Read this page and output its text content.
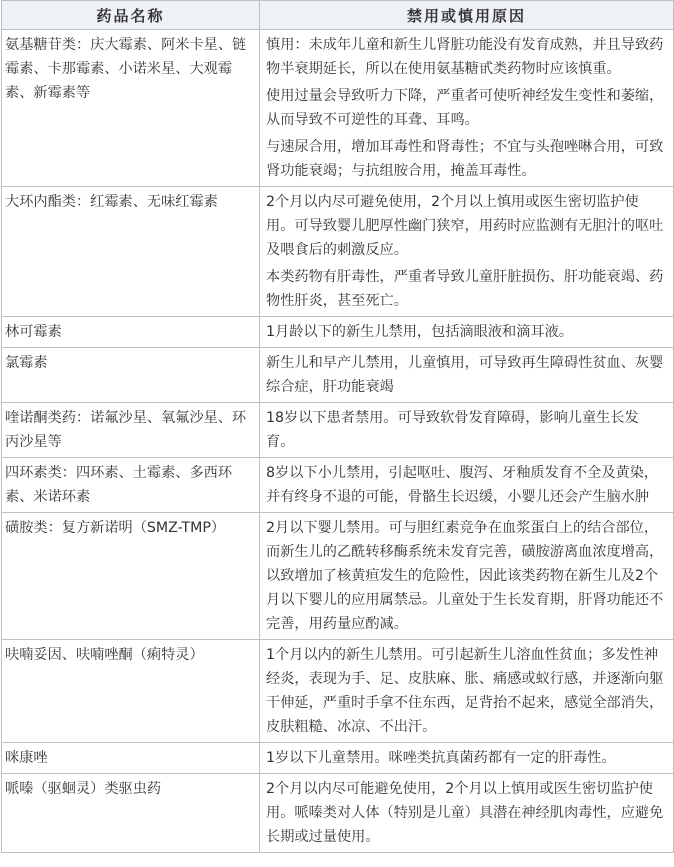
药品名称	禁用或慎用原因
氨基糖苷类：庆大霉素、阿米卡星、链霉素、卡那霉素、小诺米星、大观霉素、新霉素等	慎用：未成年儿童和新生儿肾脏功能没有发育成熟，并且导致药物半衰期延长，所以在使用氨基糖甙类药物时应该慎重。

使用过量会导致听力下降，严重者可使听神经发生变性和萎缩，从而导致不可逆性的耳聋、耳鸣。

与速尿合用，增加耳毒性和肾毒性；不宜与头孢唑啉合用，可致肾功能衰竭；与抗组胺合用，掩盖耳毒性。

大环内酯类：红霉素、无味红霉素	2个月以内尽可避免使用，2个月以上慎用或医生密切监护使用。可导致婴儿肥厚性幽门狭窄，用药时应监测有无胆汁的呕吐及喂食后的刺激反应。

本类药物有肝毒性，严重者导致儿童肝脏损伤、肝功能衰竭、药物性肝炎，甚至死亡。

林可霉素	1月龄以下的新生儿禁用，包括滴眼液和滴耳液。

氯霉素	新生儿和早产儿禁用，儿童慎用，可导致再生障碍性贫血、灰婴综合症，肝功能衰竭

喹诺酮类药：诺氟沙星、氧氟沙星、环丙沙星等	18岁以下患者禁用。可导致软骨发育障碍，影响儿童生长发育。

四环素类：四环素、土霉素、多西环素、米诺环素	8岁以下小儿禁用，引起呕吐、腹泻、牙釉质发育不全及黄染，并有终身不退的可能，骨骼生长迟缓，小婴儿还会产生脑水肿

磺胺类：复方新诺明（SMZ-TMP）	2月以下婴儿禁用。可与胆红素竞争在血浆蛋白上的结合部位，而新生儿的乙酰转移酶系统未发育完善，磺胺游离血浓度增高，以致增加了核黄疸发生的危险性，因此该类药物在新生儿及2个月以下婴儿的应用属禁忌。儿童处于生长发育期，肝肾功能还不完善，用药量应酌减。

呋喃妥因、呋喃唑酮（痢特灵）	1个月以内的新生儿禁用。可引起新生儿溶血性贫血；多发性神经炎，表现为手、足、皮肤麻、胀、痛感或蚁行感，并逐渐向躯干伸延，严重时手拿不住东西，足背抬不起来，感觉全部消失，皮肤粗糙、冰凉、不出汗。

咪康唑	1岁以下儿童禁用。咪唑类抗真菌药都有一定的肝毒性。

哌嗪（驱蛔灵）类驱虫药	2个月以内尽可能避免使用，2个月以上慎用或医生密切监护使用。哌嗪类对人体（特别是儿童）具潜在神经肌肉毒性，应避免长期或过量使用。
